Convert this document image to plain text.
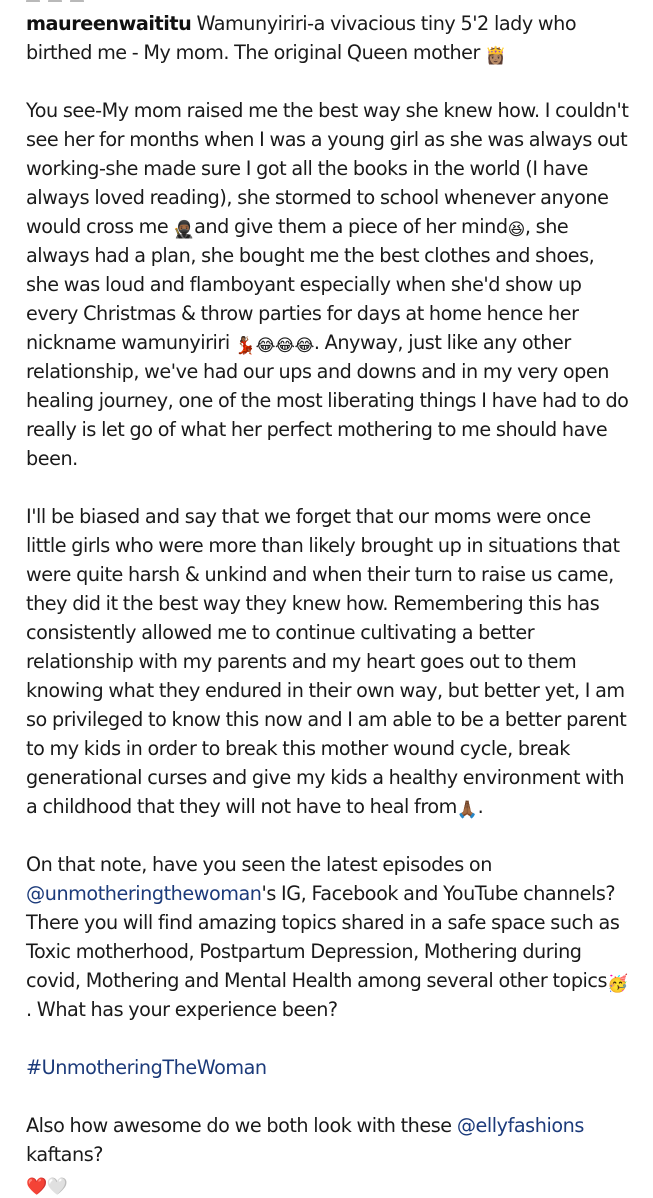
maureenwaititu Wamunyiriri-a vivacious tiny 5'2 lady who birthed me - My mom. The original Queen mother 👸🏽

You see-My mom raised me the best way she knew how. I couldn't see her for months when I was a young girl as she was always out working-she made sure I got all the books in the world (I have always loved reading), she stormed to school whenever anyone would cross me 🥷🏾and give them a piece of her mind😆, she always had a plan, she bought me the best clothes and shoes, she was loud and flamboyant especially when she'd show up every Christmas & throw parties for days at home hence her nickname wamunyiriri 💃🏾😂😂😂. Anyway, just like any other relationship, we've had our ups and downs and in my very open healing journey, one of the most liberating things I have had to do really is let go of what her perfect mothering to me should have been.

I'll be biased and say that we forget that our moms were once little girls who were more than likely brought up in situations that were quite harsh & unkind and when their turn to raise us came, they did it the best way they knew how. Remembering this has consistently allowed me to continue cultivating a better relationship with my parents and my heart goes out to them knowing what they endured in their own way, but better yet, I am so privileged to know this now and I am able to be a better parent to my kids in order to break this mother wound cycle, break generational curses and give my kids a healthy environment with a childhood that they will not have to heal from🙏🏾.

On that note, have you seen the latest episodes on @unmotheringthewoman's IG, Facebook and YouTube channels? There you will find amazing topics shared in a safe space such as Toxic motherhood, Postpartum Depression, Mothering during covid, Mothering and Mental Health among several other topics🥳. What has your experience been?

#UnmotheringTheWoman

Also how awesome do we both look with these @ellyfashions kaftans?
❤️🤍
